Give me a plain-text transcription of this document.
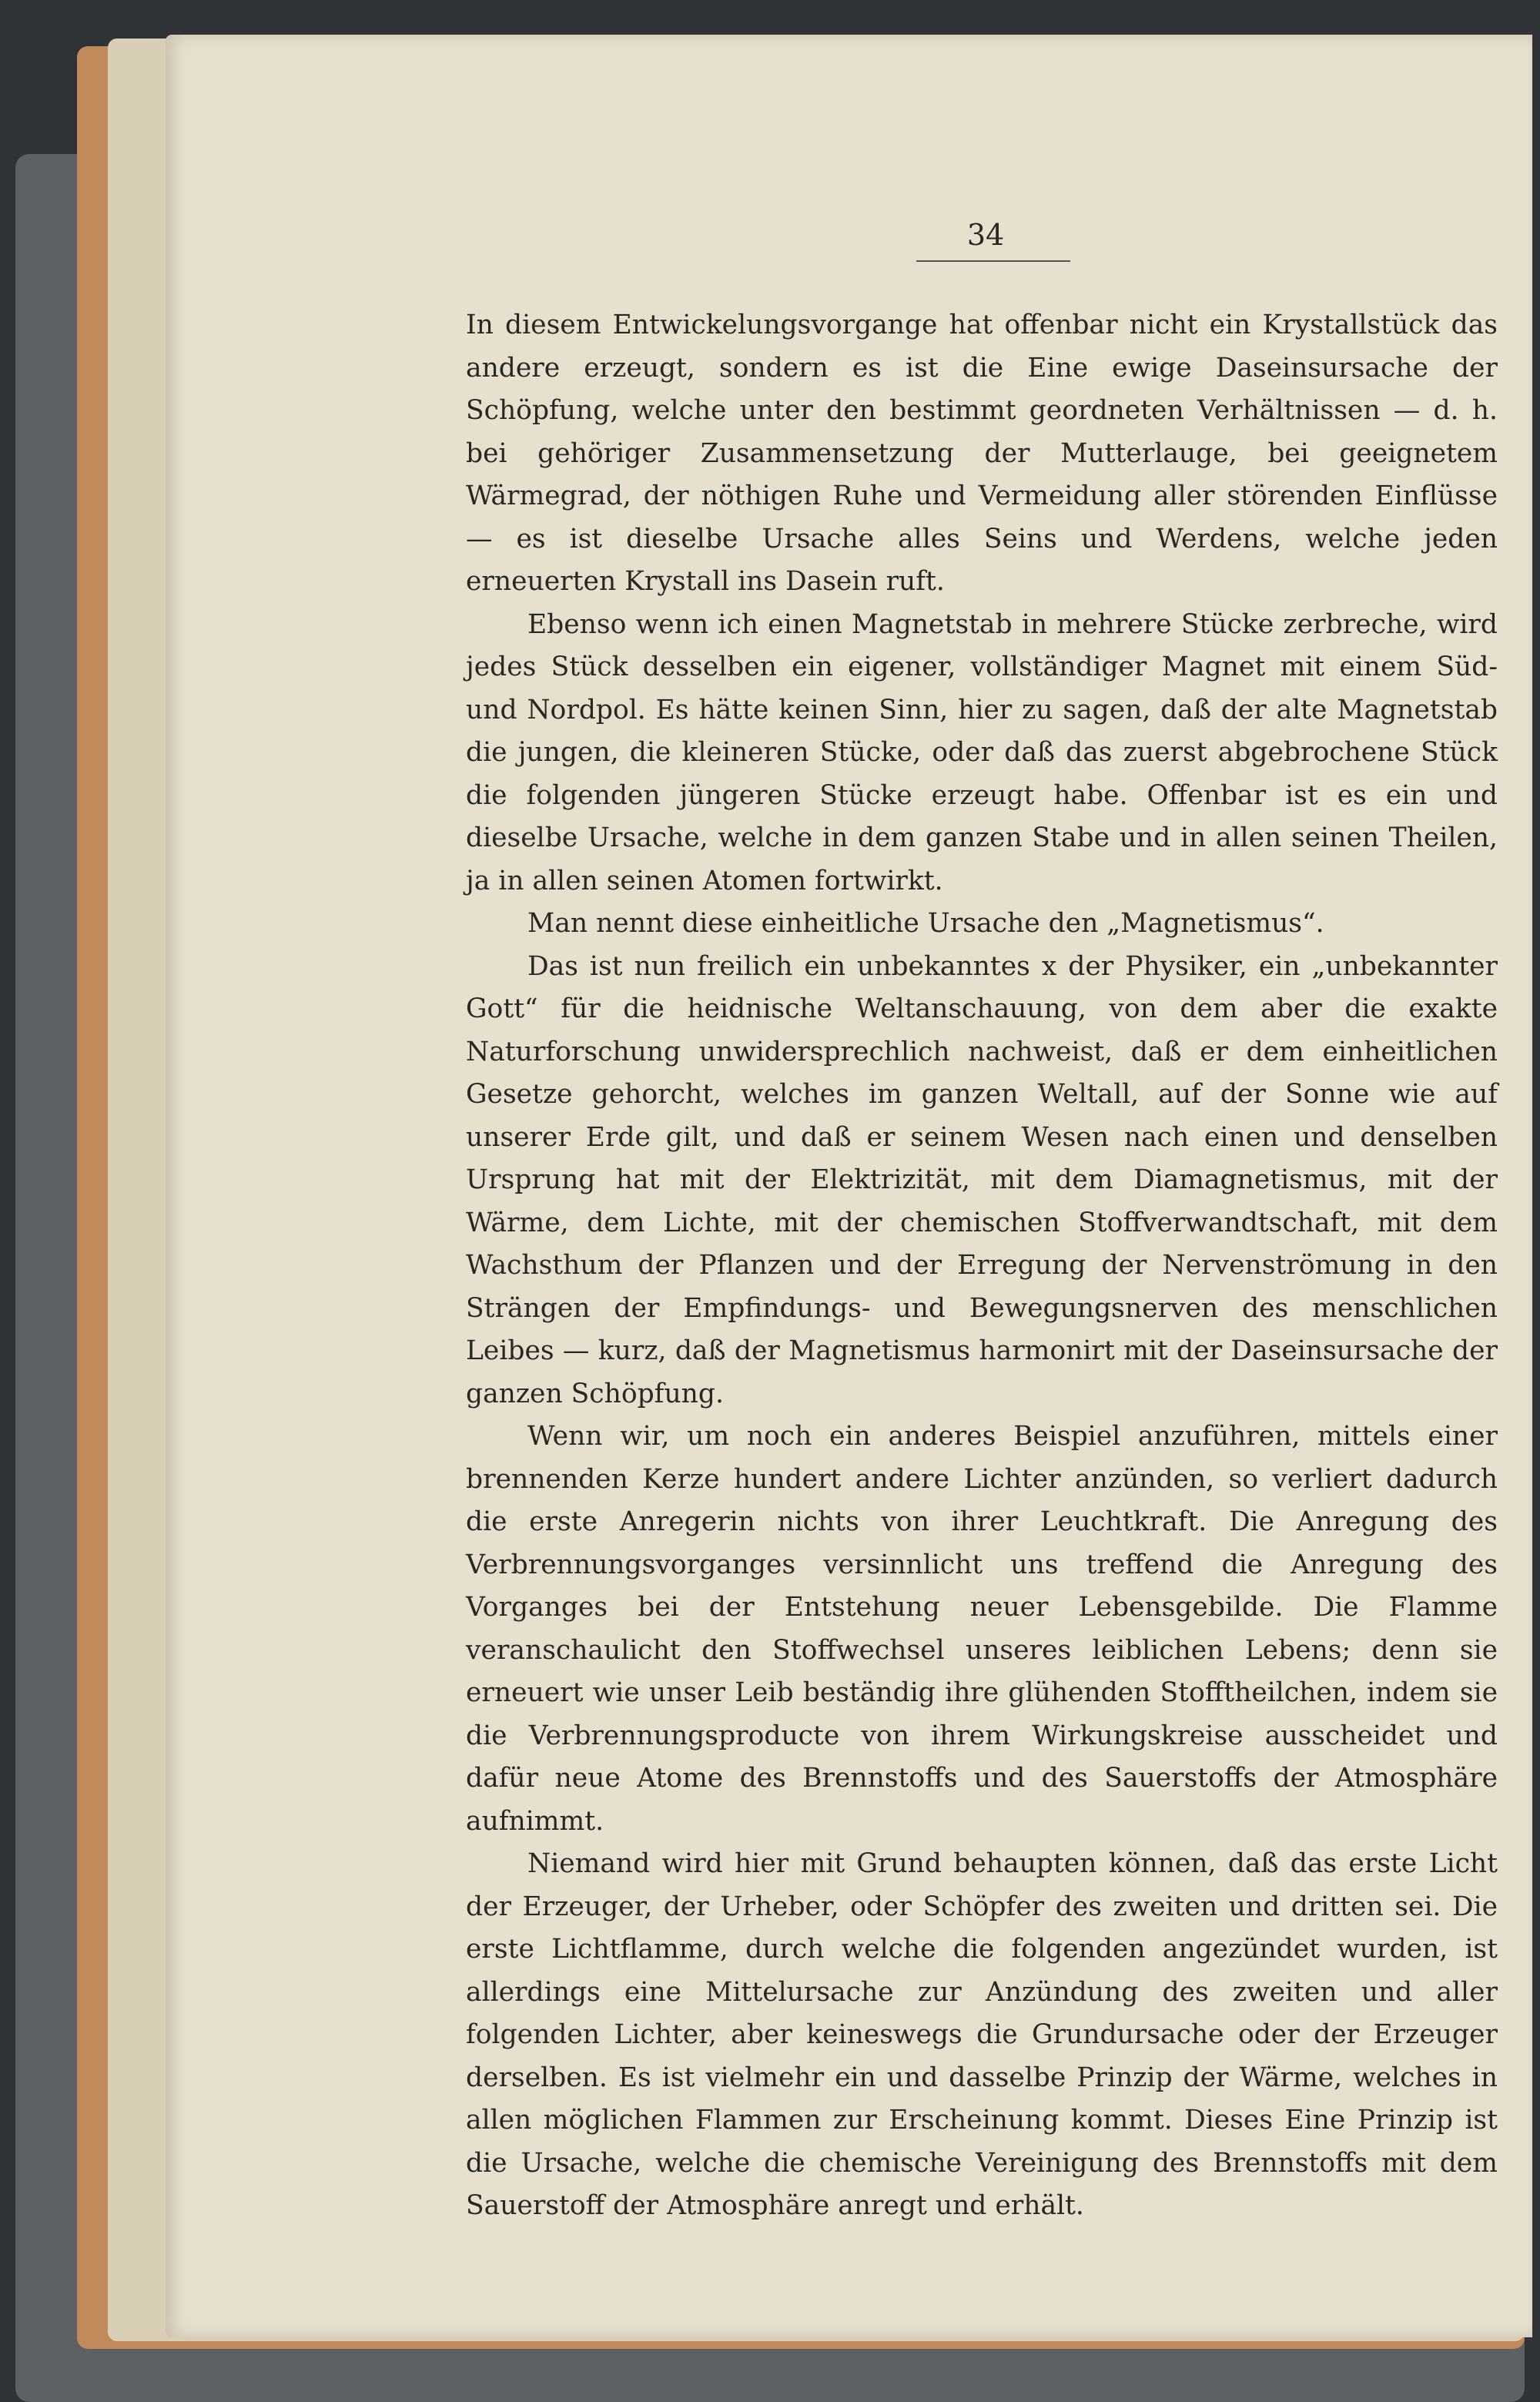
34

In diesem Entwickelungsvorgange hat offenbar nicht ein Krystallstück das andere erzeugt, sondern es ist die Eine ewige Daseinsursache der Schöpfung, welche unter den bestimmt geordneten Verhältnissen — d. h. bei gehöriger Zusammensetzung der Mutterlauge, bei geeignetem Wärmegrad, der nöthigen Ruhe und Vermeidung aller störenden Einflüsse — es ist dieselbe Ursache alles Seins und Werdens, welche jeden erneuerten Krystall ins Dasein ruft.

Ebenso wenn ich einen Magnetstab in mehrere Stücke zerbreche, wird jedes Stück desselben ein eigener, vollständiger Magnet mit einem Süd- und Nordpol. Es hätte keinen Sinn, hier zu sagen, daß der alte Magnetstab die jungen, die kleineren Stücke, oder daß das zuerst abgebrochene Stück die folgenden jüngeren Stücke erzeugt habe. Offenbar ist es ein und dieselbe Ursache, welche in dem ganzen Stabe und in allen seinen Theilen, ja in allen seinen Atomen fortwirkt.

Man nennt diese einheitliche Ursache den „Magnetismus“.

Das ist nun freilich ein unbekanntes x der Physiker, ein „unbekannter Gott“ für die heidnische Weltanschauung, von dem aber die exakte Naturforschung unwidersprechlich nachweist, daß er dem einheitlichen Gesetze gehorcht, welches im ganzen Weltall, auf der Sonne wie auf unserer Erde gilt, und daß er seinem Wesen nach einen und denselben Ursprung hat mit der Elektrizität, mit dem Diamagnetismus, mit der Wärme, dem Lichte, mit der chemischen Stoffverwandtschaft, mit dem Wachsthum der Pflanzen und der Erregung der Nervenströmung in den Strängen der Empfindungs- und Bewegungsnerven des menschlichen Leibes — kurz, daß der Magnetismus harmonirt mit der Daseinsursache der ganzen Schöpfung.

Wenn wir, um noch ein anderes Beispiel anzuführen, mittels einer brennenden Kerze hundert andere Lichter anzünden, so verliert dadurch die erste Anregerin nichts von ihrer Leuchtkraft. Die Anregung des Verbrennungsvorganges versinnlicht uns treffend die Anregung des Vorganges bei der Entstehung neuer Lebensgebilde. Die Flamme veranschaulicht den Stoffwechsel unseres leiblichen Lebens; denn sie erneuert wie unser Leib beständig ihre glühenden Stofftheilchen, indem sie die Verbrennungsproducte von ihrem Wirkungskreise ausscheidet und dafür neue Atome des Brennstoffs und des Sauerstoffs der Atmosphäre aufnimmt.

Niemand wird hier mit Grund behaupten können, daß das erste Licht der Erzeuger, der Urheber, oder Schöpfer des zweiten und dritten sei. Die erste Lichtflamme, durch welche die folgenden angezündet wurden, ist allerdings eine Mittelursache zur Anzündung des zweiten und aller folgenden Lichter, aber keineswegs die Grundursache oder der Erzeuger derselben. Es ist vielmehr ein und dasselbe Prinzip der Wärme, welches in allen möglichen Flammen zur Erscheinung kommt. Dieses Eine Prinzip ist die Ursache, welche die chemische Vereinigung des Brennstoffs mit dem Sauerstoff der Atmosphäre anregt und erhält.
